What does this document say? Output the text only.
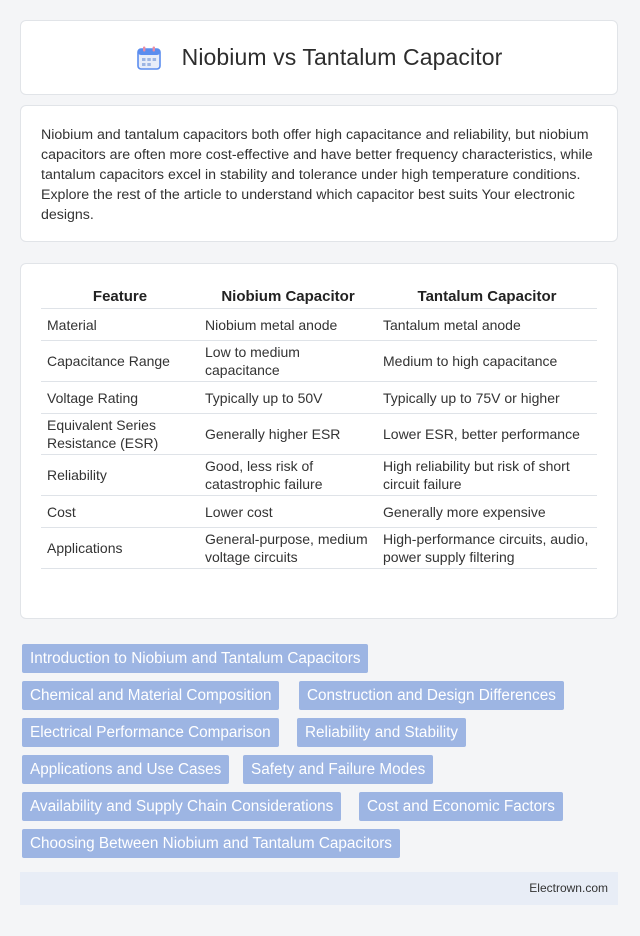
Niobium vs Tantalum Capacitor

Niobium and tantalum capacitors both offer high capacitance and reliability, but niobium capacitors are often more cost-effective and have better frequency characteristics, while tantalum capacitors excel in stability and tolerance under high temperature conditions. Explore the rest of the article to understand which capacitor best suits Your electronic designs.

Feature	Niobium Capacitor	Tantalum Capacitor
Material	Niobium metal anode	Tantalum metal anode
Capacitance Range	Low to medium capacitance	Medium to high capacitance
Voltage Rating	Typically up to 50V	Typically up to 75V or higher
Equivalent Series Resistance (ESR)	Generally higher ESR	Lower ESR, better performance
Reliability	Good, less risk of catastrophic failure	High reliability but risk of short circuit failure
Cost	Lower cost	Generally more expensive
Applications	General-purpose, medium voltage circuits	High-performance circuits, audio, power supply filtering
Introduction to Niobium and Tantalum Capacitors
Chemical and Material Composition	Construction and Design Differences
Electrical Performance Comparison	Reliability and Stability
Applications and Use Cases	Safety and Failure Modes
Availability and Supply Chain Considerations	Cost and Economic Factors
Choosing Between Niobium and Tantalum Capacitors
Electrown.com
